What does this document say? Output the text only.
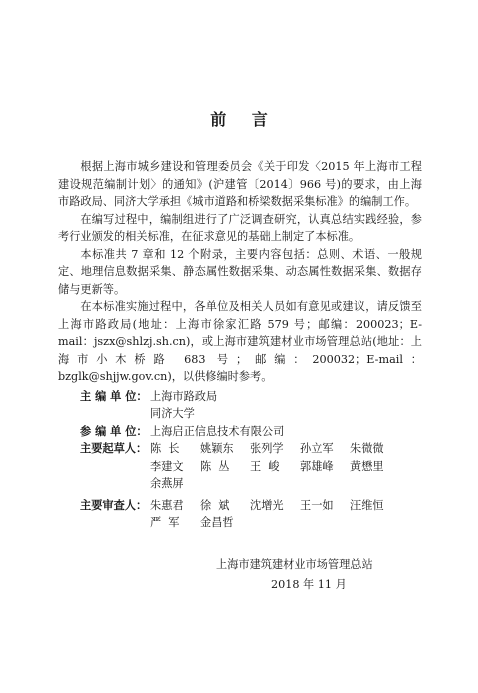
前 言

根据上海市城乡建设和管理委员会《关于印发〈2015 年上海市工程建设规范编制计划〉的通知》(沪建管〔2014〕966 号)的要求，由上海市路政局、同济大学承担《城市道路和桥梁数据采集标准》的编制工作。

在编写过程中，编制组进行了广泛调查研究，认真总结实践经验，参考行业颁发的相关标准，在征求意见的基础上制定了本标准。

本标准共 7 章和 12 个附录，主要内容包括：总则、术语、一般规定、地理信息数据采集、静态属性数据采集、动态属性数据采集、数据存储与更新等。

在本标准实施过程中，各单位及相关人员如有意见或建议，请反馈至上海市路政局(地址：上海市徐家汇路 579 号；邮编：200023；E-mail：jszx@shlzj.sh.cn)，或上海市建筑建材业市场管理总站(地址：上海市小木桥路 683 号；邮编：200032；E-mail：bzglk@shjjw.gov.cn)，以供修编时参考。

主 编 单 位： 上海市路政局
同济大学
参 编 单 位： 上海启正信息技术有限公司
主要起草人： 陈  长	姚颖东	张列学	孙立军	朱微微
李建文	陈  丛	王  峻	郭雄峰	黄懋里
余燕屏
主要审查人： 朱惠君	徐  斌	沈增光	王一如	汪维恒
严  军	金昌哲
上海市建筑建材业市场管理总站
2018 年 11 月
